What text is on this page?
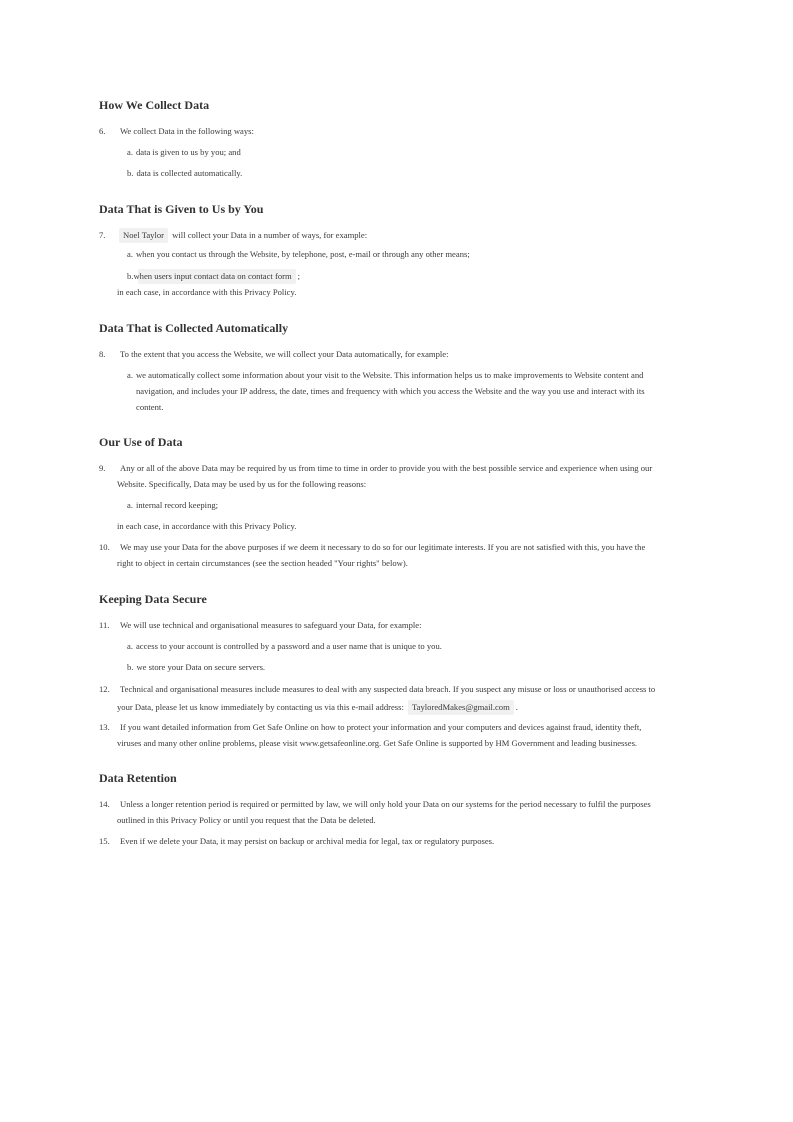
How We Collect Data
6.	We collect Data in the following ways:
a. data is given to us by you; and
b. data is collected automatically.
Data That is Given to Us by You
7.	Noel Taylor will collect your Data in a number of ways, for example:
a. when you contact us through the Website, by telephone, post, e-mail or through any other means;
b.when users input contact data on contact form ;
in each case, in accordance with this Privacy Policy.
Data That is Collected Automatically
8.	To the extent that you access the Website, we will collect your Data automatically, for example:
a. we automatically collect some information about your visit to the Website. This information helps us to make improvements to Website content and navigation, and includes your IP address, the date, times and frequency with which you access the Website and the way you use and interact with its content.
Our Use of Data
9.	Any or all of the above Data may be required by us from time to time in order to provide you with the best possible service and experience when using our Website. Specifically, Data may be used by us for the following reasons:
a. internal record keeping;
in each case, in accordance with this Privacy Policy.
10.	We may use your Data for the above purposes if we deem it necessary to do so for our legitimate interests. If you are not satisfied with this, you have the right to object in certain circumstances (see the section headed "Your rights" below).
Keeping Data Secure
11.	We will use technical and organisational measures to safeguard your Data, for example:
a. access to your account is controlled by a password and a user name that is unique to you.
b. we store your Data on secure servers.
12.	Technical and organisational measures include measures to deal with any suspected data breach. If you suspect any misuse or loss or unauthorised access to your Data, please let us know immediately by contacting us via this e-mail address: TayloredMakes@gmail.com .
13.	If you want detailed information from Get Safe Online on how to protect your information and your computers and devices against fraud, identity theft, viruses and many other online problems, please visit www.getsafeonline.org. Get Safe Online is supported by HM Government and leading businesses.
Data Retention
14.	Unless a longer retention period is required or permitted by law, we will only hold your Data on our systems for the period necessary to fulfil the purposes outlined in this Privacy Policy or until you request that the Data be deleted.
15.	Even if we delete your Data, it may persist on backup or archival media for legal, tax or regulatory purposes.
